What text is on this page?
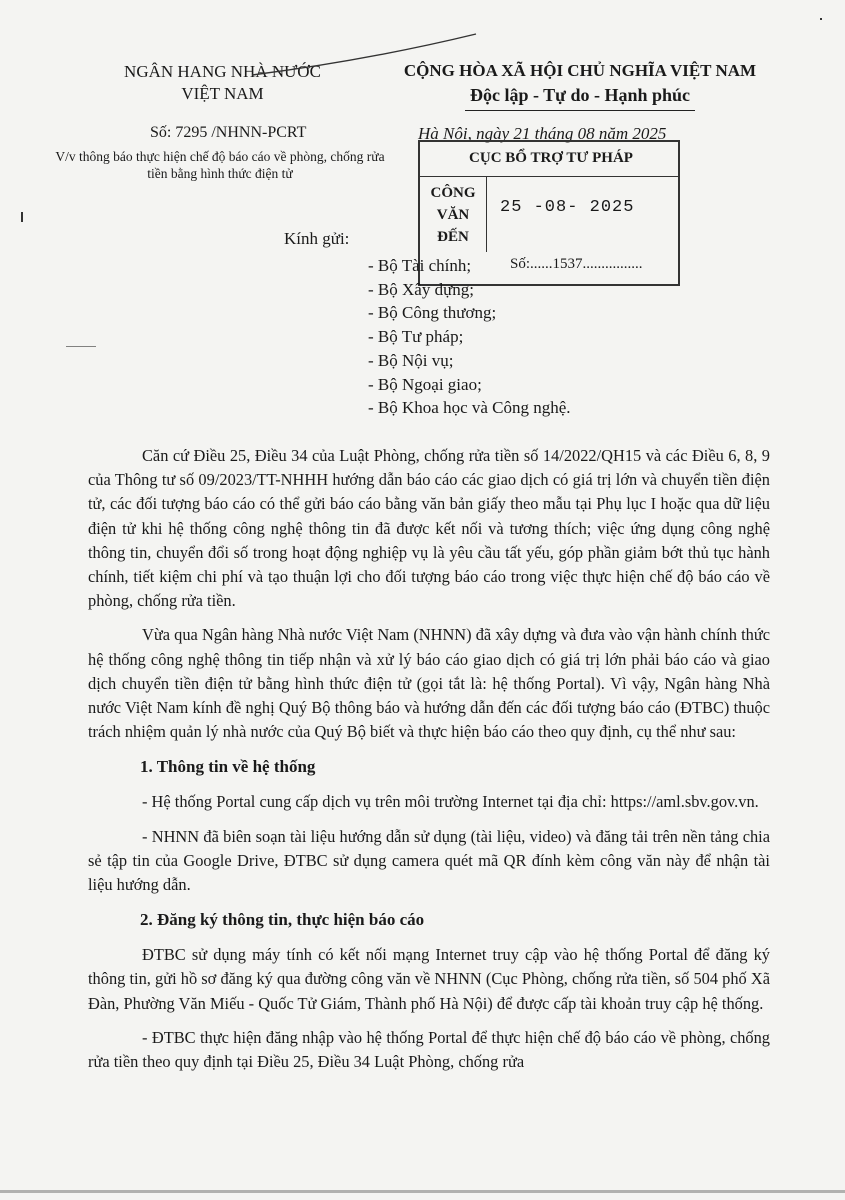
NGÂN HANG NHÀ NƯỚC
VIỆT NAM
CỘNG HÒA XÃ HỘI CHỦ NGHĨA VIỆT NAM
Độc lập - Tự do - Hạnh phúc
Số: 7295 /NHNN-PCRT
V/v thông báo thực hiện chế độ báo cáo về phòng, chống rửa tiền bằng hình thức điện tử
Hà Nội, ngày 21 tháng 08 năm 2025
CỤC BỔ TRỢ TƯ PHÁP
CÔNG VĂN ĐẾN
25 -08- 2025
Số:......1537................
Kính gửi:
- Bộ Tài chính;
- Bộ Xây dựng;
- Bộ Công thương;
- Bộ Tư pháp;
- Bộ Nội vụ;
- Bộ Ngoại giao;
- Bộ Khoa học và Công nghệ.

Căn cứ Điều 25, Điều 34 của Luật Phòng, chống rửa tiền số 14/2022/QH15 và các Điều 6, 8, 9 của Thông tư số 09/2023/TT-NHHH hướng dẫn báo cáo các giao dịch có giá trị lớn và chuyển tiền điện tử, các đối tượng báo cáo có thể gửi báo cáo bằng văn bản giấy theo mẫu tại Phụ lục I hoặc qua dữ liệu điện tử khi hệ thống công nghệ thông tin đã được kết nối và tương thích; việc ứng dụng công nghệ thông tin, chuyển đổi số trong hoạt động nghiệp vụ là yêu cầu tất yếu, góp phần giảm bớt thủ tục hành chính, tiết kiệm chi phí và tạo thuận lợi cho đối tượng báo cáo trong việc thực hiện chế độ báo cáo về phòng, chống rửa tiền.

Vừa qua Ngân hàng Nhà nước Việt Nam (NHNN) đã xây dựng và đưa vào vận hành chính thức hệ thống công nghệ thông tin tiếp nhận và xử lý báo cáo giao dịch có giá trị lớn phải báo cáo và giao dịch chuyển tiền điện tử bằng hình thức điện tử (gọi tắt là: hệ thống Portal). Vì vậy, Ngân hàng Nhà nước Việt Nam kính đề nghị Quý Bộ thông báo và hướng dẫn đến các đối tượng báo cáo (ĐTBC) thuộc trách nhiệm quản lý nhà nước của Quý Bộ biết và thực hiện báo cáo theo quy định, cụ thể như sau:

1. Thông tin về hệ thống

- Hệ thống Portal cung cấp dịch vụ trên môi trường Internet tại địa chỉ: https://aml.sbv.gov.vn.

- NHNN đã biên soạn tài liệu hướng dẫn sử dụng (tài liệu, video) và đăng tải trên nền tảng chia sẻ tập tin của Google Drive, ĐTBC sử dụng camera quét mã QR đính kèm công văn này để nhận tài liệu hướng dẫn.

2. Đăng ký thông tin, thực hiện báo cáo

ĐTBC sử dụng máy tính có kết nối mạng Internet truy cập vào hệ thống Portal để đăng ký thông tin, gửi hồ sơ đăng ký qua đường công văn về NHNN (Cục Phòng, chống rửa tiền, số 504 phố Xã Đàn, Phường Văn Miếu - Quốc Tử Giám, Thành phố Hà Nội) để được cấp tài khoản truy cập hệ thống.

- ĐTBC thực hiện đăng nhập vào hệ thống Portal để thực hiện chế độ báo cáo về phòng, chống rửa tiền theo quy định tại Điều 25, Điều 34 Luật Phòng, chống rửa
